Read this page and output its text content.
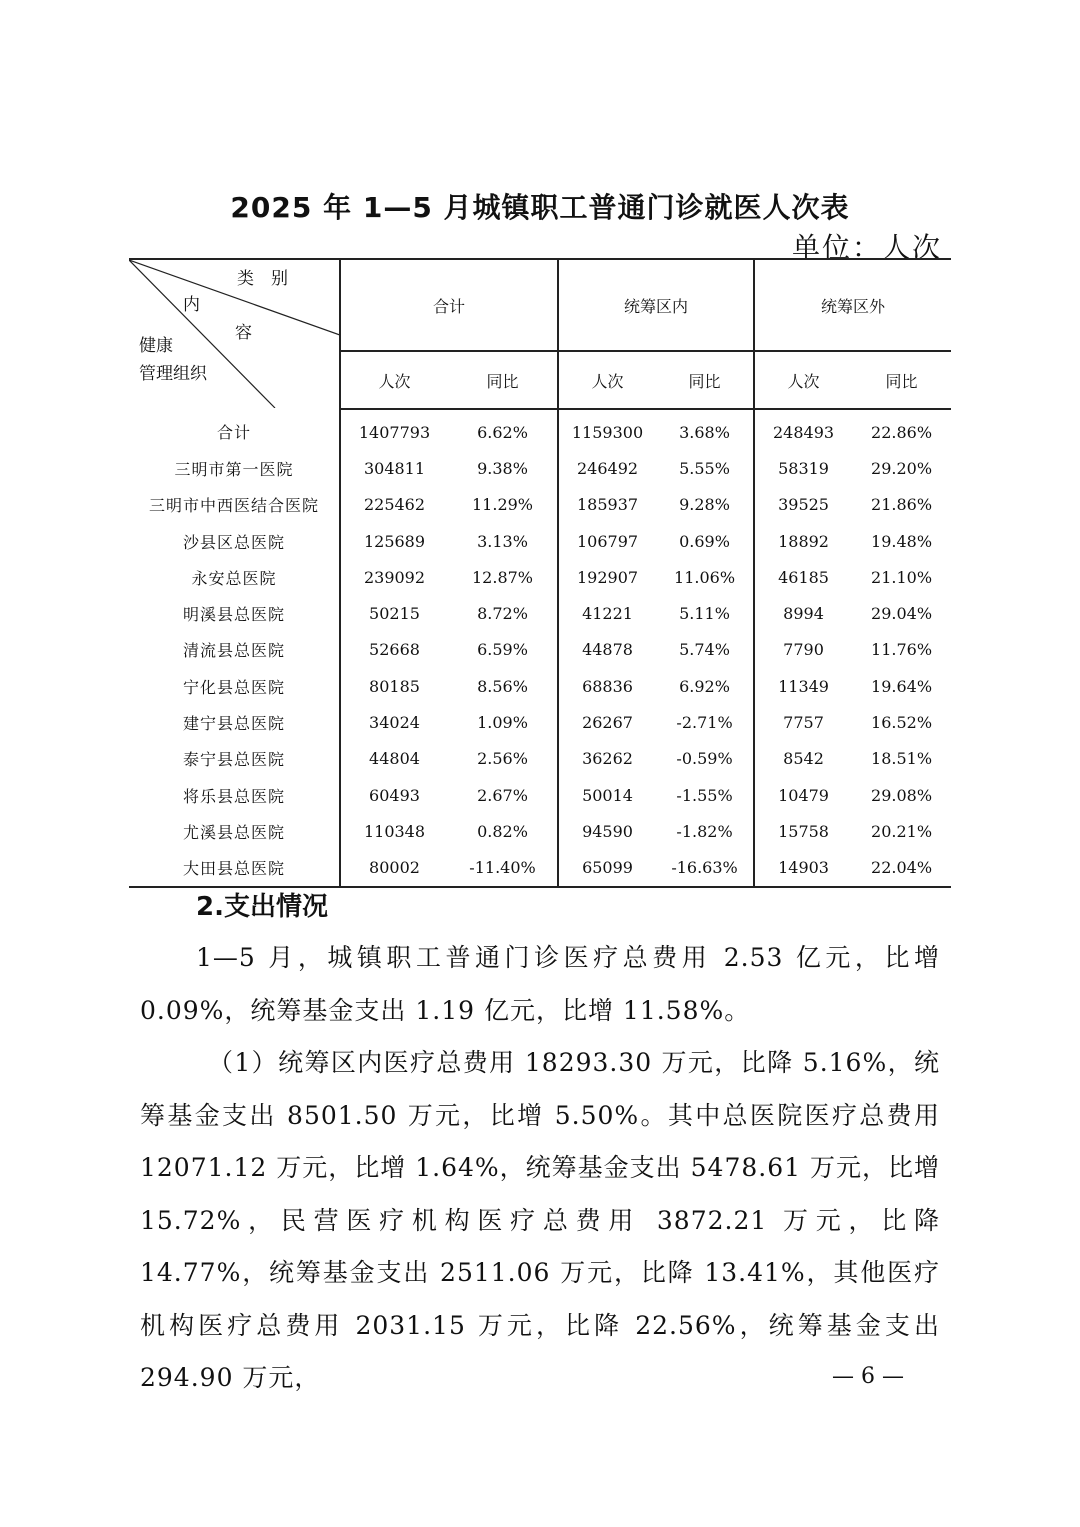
2025 年 1—5 月城镇职工普通门诊就医人次表
单位：人次
类　别
内
容
健康
管理组织	合计		统筹区内		统筹区外	
	人次	同比	人次	同比	人次	同比
合计	1407793	6.62%	1159300	3.68%	248493	22.86%
三明市第一医院	304811	9.38%	246492	5.55%	58319	29.20%
三明市中西医结合医院	225462	11.29%	185937	9.28%	39525	21.86%
沙县区总医院	125689	3.13%	106797	0.69%	18892	19.48%
永安总医院	239092	12.87%	192907	11.06%	46185	21.10%
明溪县总医院	50215	8.72%	41221	5.11%	8994	29.04%
清流县总医院	52668	6.59%	44878	5.74%	7790	11.76%
宁化县总医院	80185	8.56%	68836	6.92%	11349	19.64%
建宁县总医院	34024	1.09%	26267	-2.71%	7757	16.52%
泰宁县总医院	44804	2.56%	36262	-0.59%	8542	18.51%
将乐县总医院	60493	2.67%	50014	-1.55%	10479	29.08%
尤溪县总医院	110348	0.82%	94590	-1.82%	15758	20.21%
大田县总医院	80002	-11.40%	65099	-16.63%	14903	22.04%
2.支出情况
1—5 月，城镇职工普通门诊医疗总费用 2.53 亿元，比增 0.09%，统筹基金支出 1.19 亿元，比增 11.58%。
（1）统筹区内医疗总费用 18293.30 万元，比降 5.16%，统筹基金支出 8501.50 万元，比增 5.50%。其中总医院医疗总费用 12071.12 万元，比增 1.64%，统筹基金支出 5478.61 万元，比增 15.72%，民营医疗机构医疗总费用 3872.21 万元，比降 14.77%，统筹基金支出 2511.06 万元，比降 13.41%，其他医疗机构医疗总费用 2031.15 万元，比降 22.56%，统筹基金支出 294.90 万元，	— 6 —
